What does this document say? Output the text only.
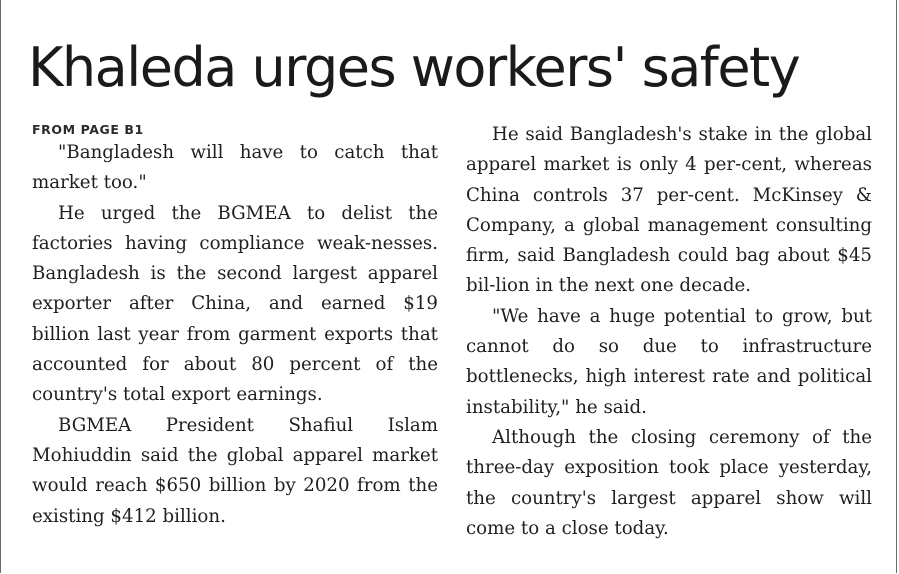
Khaleda urges workers' safety
FROM PAGE B1

"Bangladesh will have to catch that market too."

He urged the BGMEA to delist the factories having compliance weak-nesses. Bangladesh is the second largest apparel exporter after China, and earned $19 billion last year from garment exports that accounted for about 80 percent of the country's total export earnings.

BGMEA President Shafiul Islam Mohiuddin said the global apparel market would reach $650 billion by 2020 from the existing $412 billion.

He said Bangladesh's stake in the global apparel market is only 4 per-cent, whereas China controls 37 per-cent. McKinsey & Company, a global management consulting firm, said Bangladesh could bag about $45 bil-lion in the next one decade.

"We have a huge potential to grow, but cannot do so due to infrastructure bottlenecks, high interest rate and political instability," he said.

Although the closing ceremony of the three-day exposition took place yesterday, the country's largest apparel show will come to a close today.
